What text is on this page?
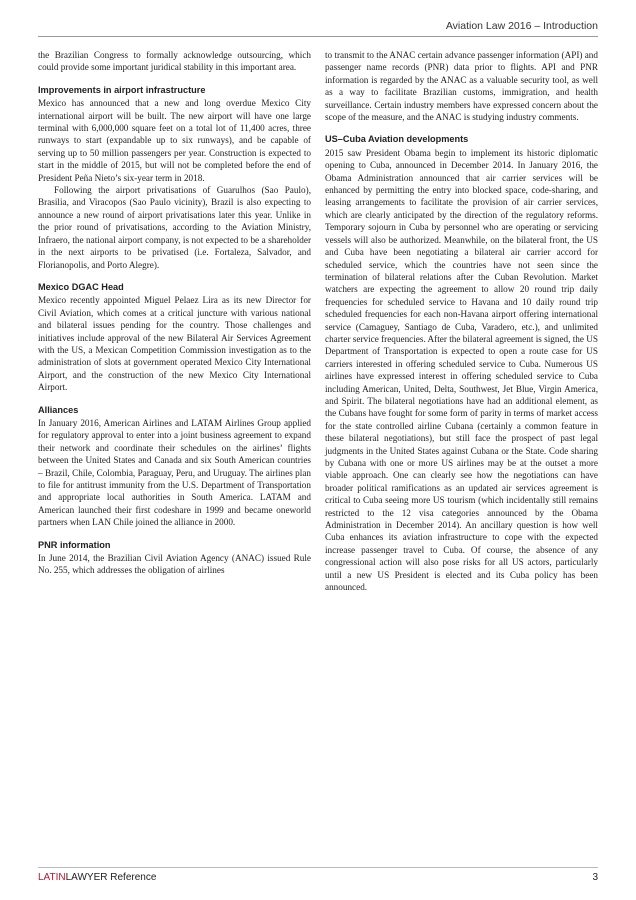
Aviation Law 2016 – Introduction

the Brazilian Congress to formally acknowledge outsourcing, which could provide some important juridical stability in this important area.

Improvements in airport infrastructure

Mexico has announced that a new and long overdue Mexico City international airport will be built. The new airport will have one large terminal with 6,000,000 square feet on a total lot of 11,400 acres, three runways to start (expandable up to six runways), and be capable of serving up to 50 million passengers per year. Construction is expected to start in the middle of 2015, but will not be completed before the end of President Peña Nieto’s six-year term in 2018.

Following the airport privatisations of Guarulhos (Sao Paulo), Brasilia, and Viracopos (Sao Paulo vicinity), Brazil is also expecting to announce a new round of airport privatisations later this year. Unlike in the prior round of privatisations, according to the Aviation Ministry, Infraero, the national airport company, is not expected to be a shareholder in the next airports to be privatised (i.e. Fortaleza, Salvador, and Florianopolis, and Porto Alegre).

Mexico DGAC Head

Mexico recently appointed Miguel Pelaez Lira as its new Director for Civil Aviation, which comes at a critical juncture with various national and bilateral issues pending for the country. Those challenges and initiatives include approval of the new Bilateral Air Services Agreement with the US, a Mexican Competition Commission investigation as to the administration of slots at government operated Mexico City International Airport, and the construction of the new Mexico City International Airport.

Alliances

In January 2016, American Airlines and LATAM Airlines Group applied for regulatory approval to enter into a joint business agreement to expand their network and coordinate their schedules on the airlines’ flights between the United States and Canada and six South American countries – Brazil, Chile, Colombia, Paraguay, Peru, and Uruguay. The airlines plan to file for antitrust immunity from the U.S. Department of Transportation and appropriate local authorities in South America. LATAM and American launched their first codeshare in 1999 and became oneworld partners when LAN Chile joined the alliance in 2000.

PNR information

In June 2014, the Brazilian Civil Aviation Agency (ANAC) issued Rule No. 255, which addresses the obligation of airlines

to transmit to the ANAC certain advance passenger information (API) and passenger name records (PNR) data prior to flights. API and PNR information is regarded by the ANAC as a valuable security tool, as well as a way to facilitate Brazilian customs, immigration, and health surveillance. Certain industry members have expressed concern about the scope of the measure, and the ANAC is studying industry comments.

US–Cuba Aviation developments

2015 saw President Obama begin to implement its historic diplomatic opening to Cuba, announced in December 2014. In January 2016, the Obama Administration announced that air carrier services will be enhanced by permitting the entry into blocked space, code-sharing, and leasing arrangements to facilitate the provision of air carrier services, which are clearly anticipated by the direction of the regulatory reforms. Temporary sojourn in Cuba by personnel who are operating or servicing vessels will also be authorized. Meanwhile, on the bilateral front, the US and Cuba have been negotiating a bilateral air carrier accord for scheduled service, which the countries have not seen since the termination of bilateral relations after the Cuban Revolution. Market watchers are expecting the agreement to allow 20 round trip daily frequencies for scheduled service to Havana and 10 daily round trip scheduled frequencies for each non-Havana airport offering international service (Camaguey, Santiago de Cuba, Varadero, etc.), and unlimited charter service frequencies. After the bilateral agreement is signed, the US Department of Transportation is expected to open a route case for US carriers interested in offering scheduled service to Cuba. Numerous US airlines have expressed interest in offering scheduled service to Cuba including American, United, Delta, Southwest, Jet Blue, Virgin America, and Spirit. The bilateral negotiations have had an additional element, as the Cubans have fought for some form of parity in terms of market access for the state controlled airline Cubana (certainly a common feature in these bilateral negotiations), but still face the prospect of past legal judgments in the United States against Cubana or the State. Code sharing by Cubana with one or more US airlines may be at the outset a more viable approach. One can clearly see how the negotiations can have broader political ramifications as an updated air services agreement is critical to Cuba seeing more US tourism (which incidentally still remains restricted to the 12 visa categories announced by the Obama Administration in December 2014). An ancillary question is how well Cuba enhances its aviation infrastructure to cope with the expected increase passenger travel to Cuba. Of course, the absence of any congressional action will also pose risks for all US actors, particularly until a new US President is elected and its Cuba policy has been announced.

LATINLAWYER Reference	3
